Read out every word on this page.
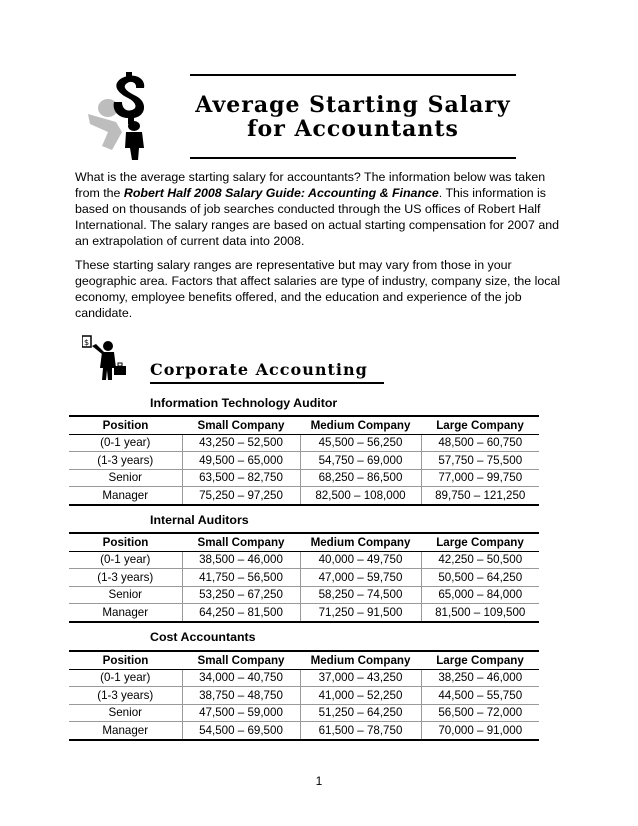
Average Starting Salary
for Accountants

What is the average starting salary for accountants? The information below was taken from the Robert Half 2008 Salary Guide: Accounting & Finance. This information is based on thousands of job searches conducted through the US offices of Robert Half International. The salary ranges are based on actual starting compensation for 2007 and an extrapolation of current data into 2008.

These starting salary ranges are representative but may vary from those in your geographic area. Factors that affect salaries are type of industry, company size, the local economy, employee benefits offered, and the education and experience of the job candidate.

$
Corporate Accounting
Information Technology Auditor
Position	Small Company	Medium Company	Large Company
(0-1 year)	43,250 – 52,500	45,500 – 56,250	48,500 – 60,750
(1-3 years)	49,500 – 65,000	54,750 – 69,000	57,750 – 75,500
Senior	63,500 – 82,750	68,250 – 86,500	77,000 – 99,750
Manager	75,250 – 97,250	82,500 – 108,000	89,750 – 121,250
Internal Auditors
Position	Small Company	Medium Company	Large Company
(0-1 year)	38,500 – 46,000	40,000 – 49,750	42,250 – 50,500
(1-3 years)	41,750 – 56,500	47,000 – 59,750	50,500 – 64,250
Senior	53,250 – 67,250	58,250 – 74,500	65,000 – 84,000
Manager	64,250 – 81,500	71,250 – 91,500	81,500 – 109,500
Cost Accountants
Position	Small Company	Medium Company	Large Company
(0-1 year)	34,000 – 40,750	37,000 – 43,250	38,250 – 46,000
(1-3 years)	38,750 – 48,750	41,000 – 52,250	44,500 – 55,750
Senior	47,500 – 59,000	51,250 – 64,250	56,500 – 72,000
Manager	54,500 – 69,500	61,500 – 78,750	70,000 – 91,000
1
